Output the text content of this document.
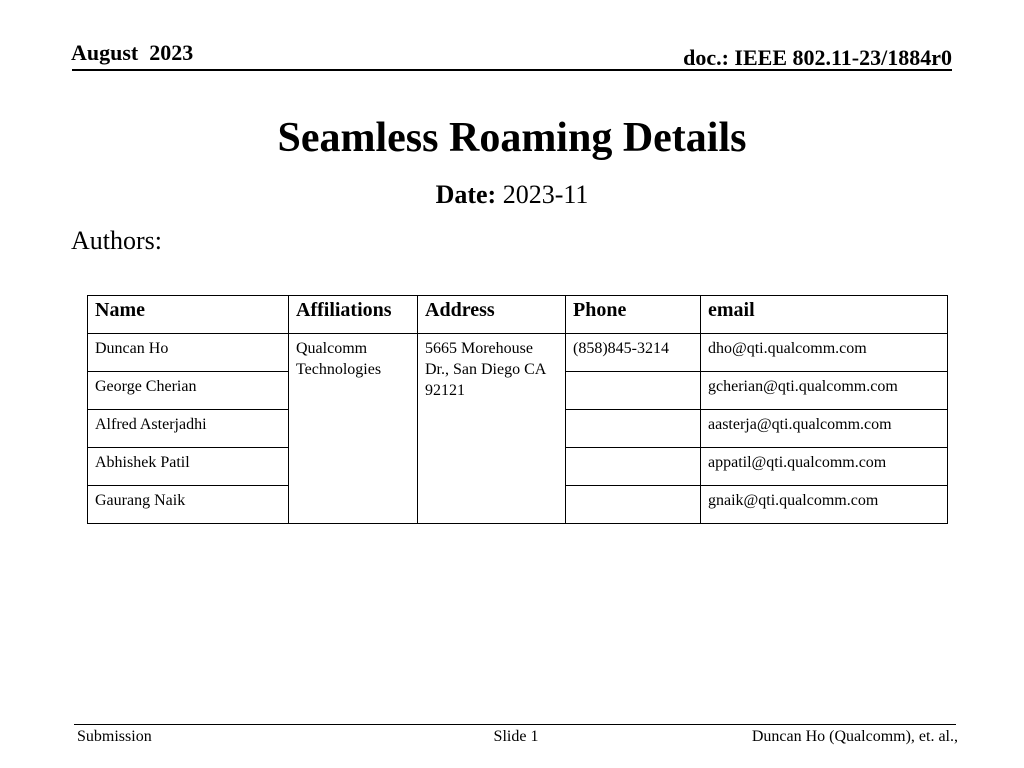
August  2023	doc.: IEEE 802.11-23/1884r0
Seamless Roaming Details
Date: 2023-11
Authors:
Name	Affiliations	Address	Phone	email
Duncan Ho	Qualcomm Technologies	5665 Morehouse Dr., San Diego CA 92121	(858)845-3214	dho@qti.qualcomm.com
George Cherian				gcherian@qti.qualcomm.com
Alfred Asterjadhi				aasterja@qti.qualcomm.com
Abhishek Patil				appatil@qti.qualcomm.com
Gaurang Naik				gnaik@qti.qualcomm.com
Submission	Slide 1	Duncan Ho (Qualcomm), et. al.,
